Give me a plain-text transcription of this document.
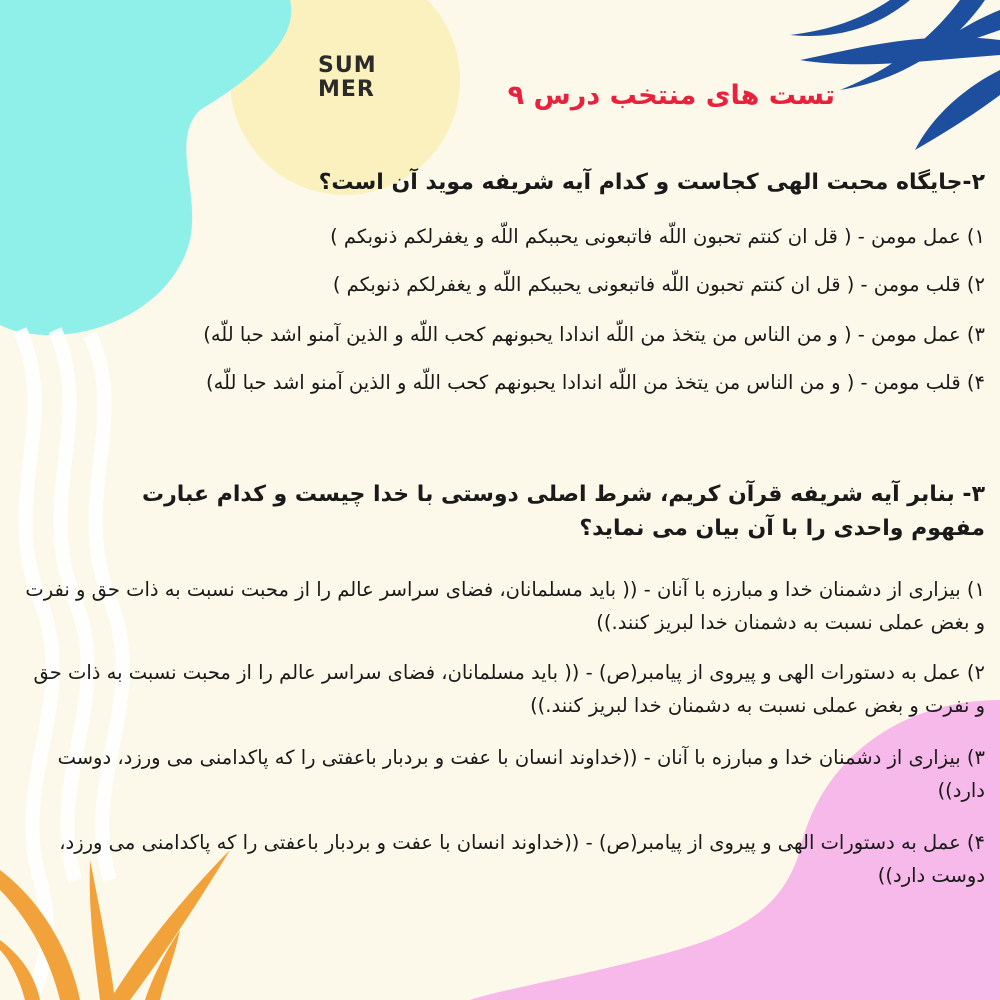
SUM
MER	تست های منتخب درس ۹
۲-جایگاه محبت الهی کجاست و کدام آیه شریفه موید آن است؟
۱) عمل مومن - ( قل ان کنتم تحبون اللّه فاتبعونی یحببکم اللّه و یغفرلکم ذنوبکم )
۲) قلب مومن - ( قل ان کنتم تحبون اللّه فاتبعونی یحببکم اللّه و یغفرلکم ذنوبکم )
۳) عمل مومن - ( و من الناس من یتخذ من اللّه اندادا یحبونهم کحب اللّه و الذین آمنو اشد حبا للّه)
۴) قلب مومن - ( و من الناس من یتخذ من اللّه اندادا یحبونهم کحب اللّه و الذین آمنو اشد حبا للّه)
۳- بنابر آیه شریفه قرآن کریم، شرط اصلی دوستی با خدا چیست و کدام عبارت مفهوم واحدی را با آن بیان می نماید؟
۱) بیزاری از دشمنان خدا و مبارزه با آنان - (( باید مسلمانان، فضای سراسر عالم را از محبت نسبت به ذات حق و نفرت و بغض عملی نسبت به دشمنان خدا لبریز کنند.))
۲) عمل به دستورات الهی و پیروی از پیامبر(ص) - (( باید مسلمانان، فضای سراسر عالم را از محبت نسبت به ذات حق و نفرت و بغض عملی نسبت به دشمنان خدا لبریز کنند.))
۳) بیزاری از دشمنان خدا و مبارزه با آنان - ((خداوند انسان با عفت و بردبار باعفتی را که پاکدامنی می ورزد، دوست دارد))
۴) عمل به دستورات الهی و پیروی از پیامبر(ص) - ((خداوند انسان با عفت و بردبار باعفتی را که پاکدامنی می ورزد، دوست دارد))
